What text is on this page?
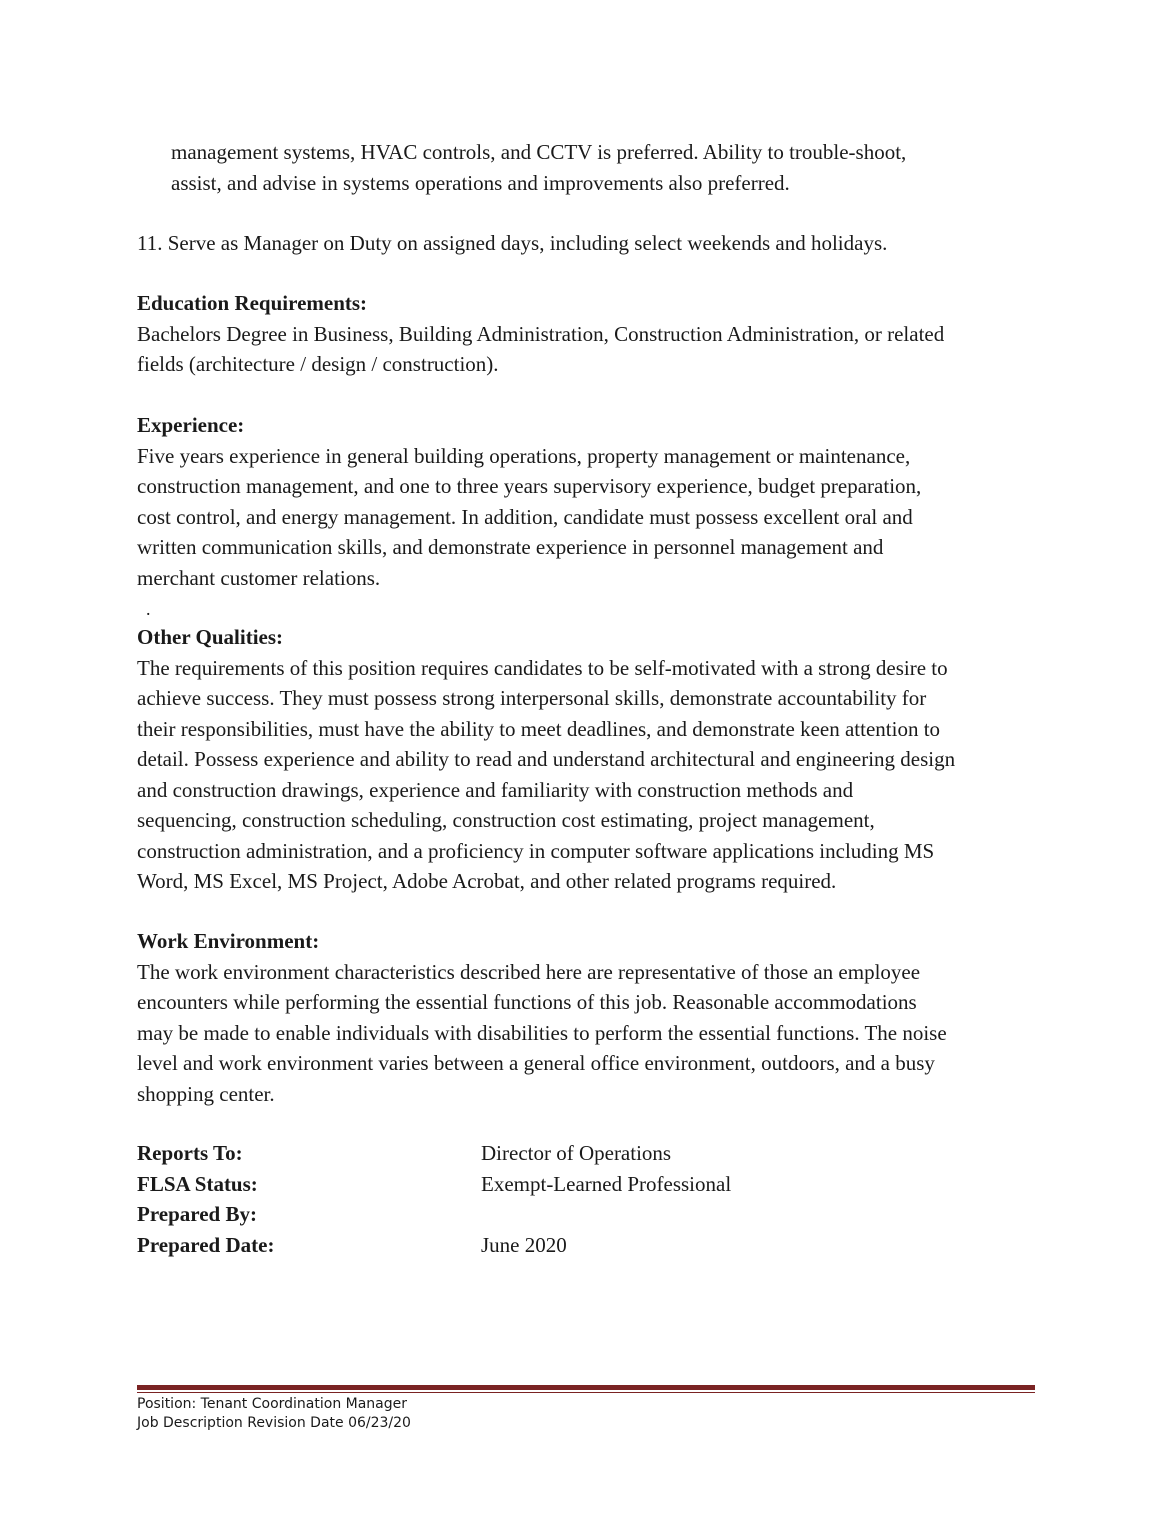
management systems, HVAC controls, and CCTV is preferred. Ability to trouble-shoot,

assist, and advise in systems operations and improvements also preferred.

11. Serve as Manager on Duty on assigned days, including select weekends and holidays.

Education Requirements:

Bachelors Degree in Business, Building Administration, Construction Administration, or related

fields (architecture / design / construction).

Experience:

Five years experience in general building operations, property management or maintenance,

construction management, and one to three years supervisory experience, budget preparation,

cost control, and energy management. In addition, candidate must possess excellent oral and

written communication skills, and demonstrate experience in personnel management and

merchant customer relations.

.

Other Qualities:

The requirements of this position requires candidates to be self-motivated with a strong desire to

achieve success. They must possess strong interpersonal skills, demonstrate accountability for

their responsibilities, must have the ability to meet deadlines, and demonstrate keen attention to

detail. Possess experience and ability to read and understand architectural and engineering design

and construction drawings, experience and familiarity with construction methods and

sequencing, construction scheduling, construction cost estimating, project management,

construction administration, and a proficiency in computer software applications including MS

Word, MS Excel, MS Project, Adobe Acrobat, and other related programs required.

Work Environment:

The work environment characteristics described here are representative of those an employee

encounters while performing the essential functions of this job. Reasonable accommodations

may be made to enable individuals with disabilities to perform the essential functions. The noise

level and work environment varies between a general office environment, outdoors, and a busy

shopping center.

Reports To:	Director of Operations
FLSA Status:	Exempt-Learned Professional
Prepared By:
Prepared Date:	June 2020
Position: Tenant Coordination Manager
Job Description Revision Date 06/23/20
